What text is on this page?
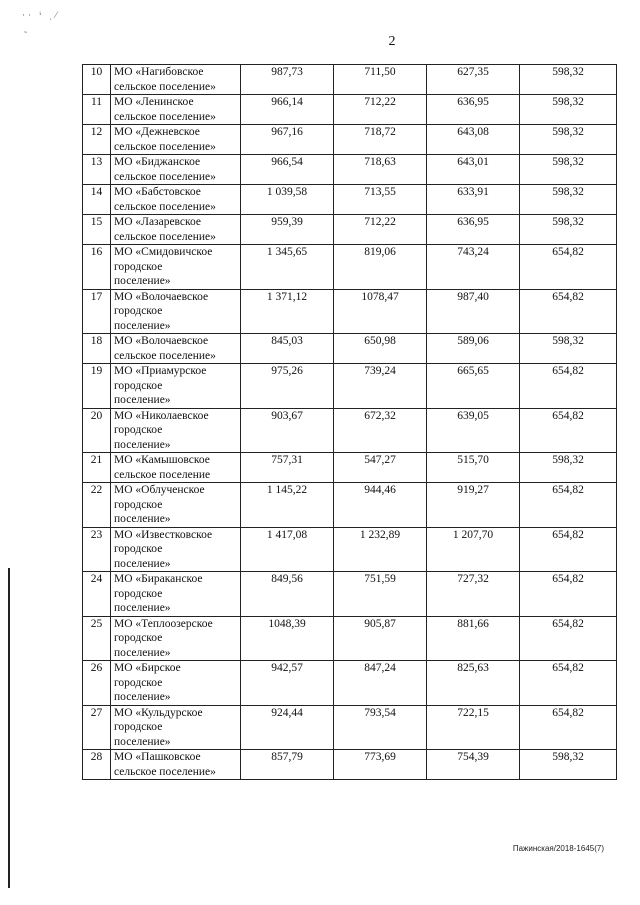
·· ⁱ ˌ⁄
˜	2
10	МО «Нагибовское
сельское поселение»	987,73	711,50	627,35	598,32
11	МО «Ленинское
сельское поселение»	966,14	712,22	636,95	598,32
12	МО «Дежневское
сельское поселение»	967,16	718,72	643,08	598,32
13	МО «Биджанское
сельское поселение»	966,54	718,63	643,01	598,32
14	МО «Бабстовское
сельское поселение»	1 039,58	713,55	633,91	598,32
15	МО «Лазаревское
сельское поселение»	959,39	712,22	636,95	598,32
16	МО «Смидовичское
городское
поселение»	1 345,65	819,06	743,24	654,82
17	МО «Волочаевское
городское
поселение»	1 371,12	1078,47	987,40	654,82
18	МО «Волочаевское
сельское поселение»	845,03	650,98	589,06	598,32
19	МО «Приамурское
городское
поселение»	975,26	739,24	665,65	654,82
20	МО «Николаевское
городское
поселение»	903,67	672,32	639,05	654,82
21	МО «Камышовское
сельское поселение	757,31	547,27	515,70	598,32
22	МО «Облученское
городское
поселение»	1 145,22	944,46	919,27	654,82
23	МО «Известковское
городское
поселение»	1 417,08	1 232,89	1 207,70	654,82
24	МО «Бираканское
городское
поселение»	849,56	751,59	727,32	654,82
25	МО «Теплоозерское
городское
поселение»	1048,39	905,87	881,66	654,82
26	МО «Бирское
городское
поселение»	942,57	847,24	825,63	654,82
27	МО «Кульдурское
городское
поселение»	924,44	793,54	722,15	654,82
28	МО «Пашковское
сельское поселение»	857,79	773,69	754,39	598,32
Пажинская/2018-1645(7)
